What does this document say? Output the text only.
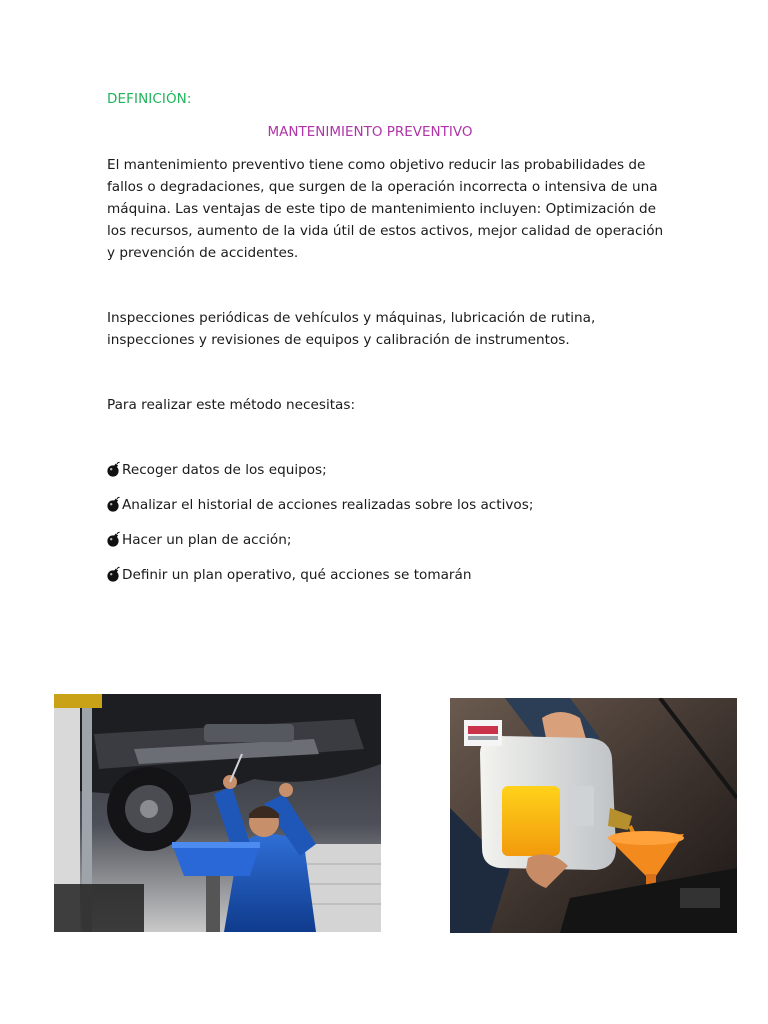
DEFINICIÓN:
MANTENIMIENTO PREVENTIVO

El mantenimiento preventivo tiene como objetivo reducir las probabilidades de fallos o degradaciones, que surgen de la operación incorrecta o intensiva de una máquina. Las ventajas de este tipo de mantenimiento incluyen: Optimización de los recursos, aumento de la vida útil de estos activos, mejor calidad de operación y prevención de accidentes.

Inspecciones periódicas de vehículos y máquinas, lubricación de rutina, inspecciones y revisiones de equipos y calibración de instrumentos.

Para realizar este método necesitas:

Recoger datos de los equipos;
Analizar el historial de acciones realizadas sobre los activos;
Hacer un plan de acción;
Definir un plan operativo, qué acciones se tomarán
